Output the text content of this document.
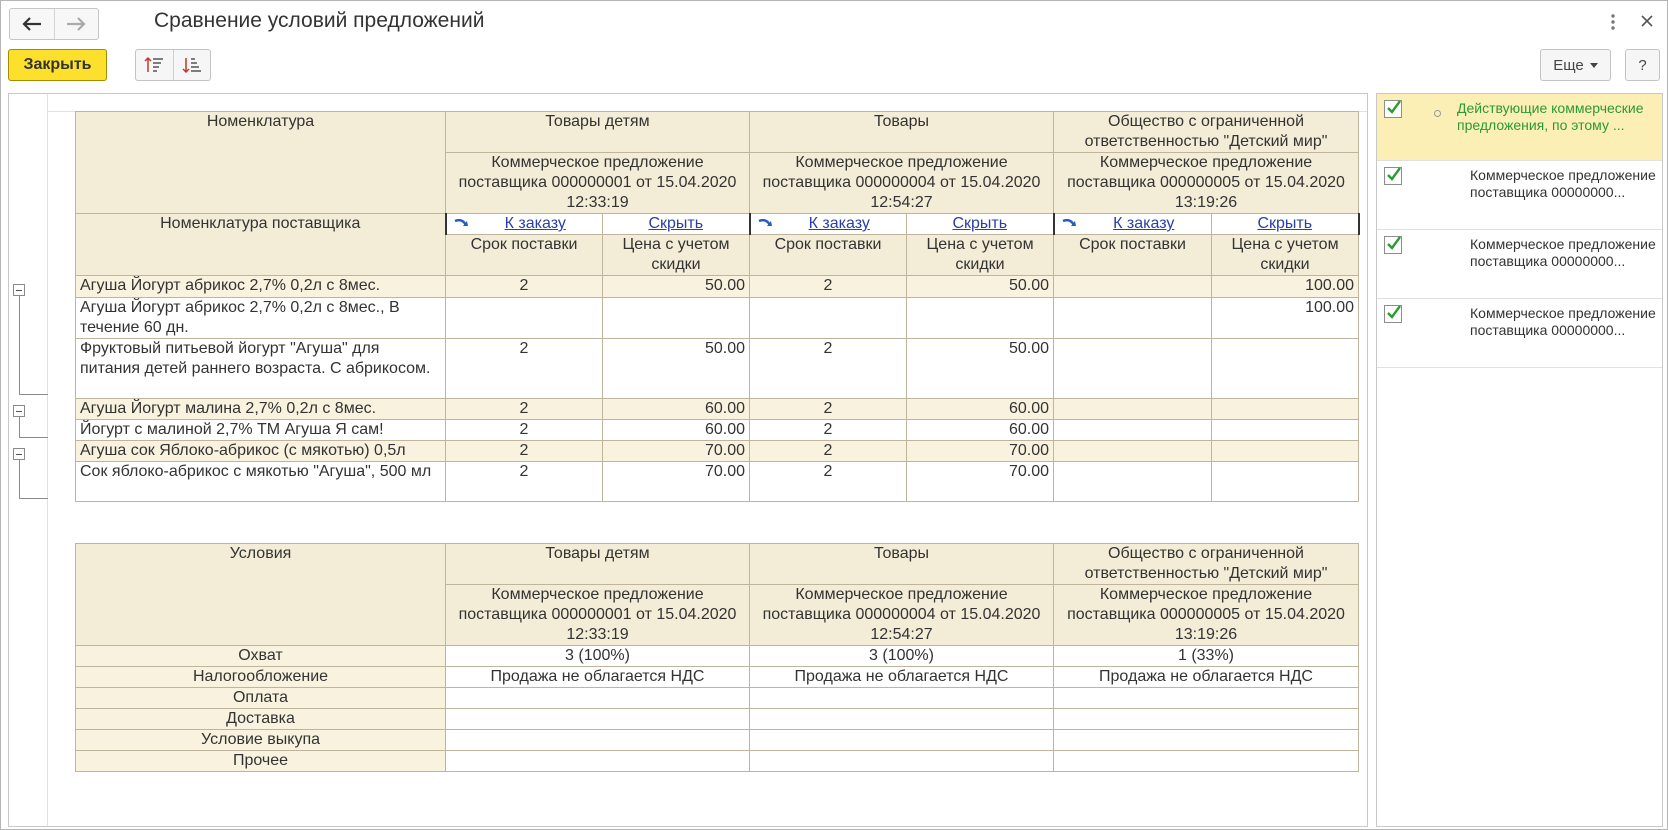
Сравнение условий предложений
Закрыть	Еще	?
Номенклатура	Товары детям		Товары		Общество с ограниченной ответственностью "Детский мир"	
	Коммерческое предложение поставщика 000000001 от 15.04.2020 12:33:19		Коммерческое предложение поставщика 000000004 от 15.04.2020 12:54:27		Коммерческое предложение поставщика 000000005 от 15.04.2020 13:19:26	
Номенклатура поставщика	К заказу	Скрыть	К заказу	Скрыть	К заказу	Скрыть
	Срок поставки	Цена с учетом скидки	Срок поставки	Цена с учетом скидки	Срок поставки	Цена с учетом скидки
Агуша Йогурт абрикос 2,7% 0,2л с 8мес.	2	50.00	2	50.00		100.00
Агуша Йогурт абрикос 2,7% 0,2л с 8мес., В течение 60 дн.						100.00
Фруктовый питьевой йогурт "Агуша" для питания детей раннего возраста. С абрикосом.	2	50.00	2	50.00		
Агуша Йогурт малина 2,7% 0,2л с 8мес.	2	60.00	2	60.00		
Йогурт с малиной 2,7% ТМ Агуша Я сам!	2	60.00	2	60.00		
Агуша сок Яблоко-абрикос (с мякотью) 0,5л	2	70.00	2	70.00		
Сок яблоко-абрикос с мякотью "Агуша", 500 мл	2	70.00	2	70.00		
Условия	Товары детям	Товары	Общество с ограниченной ответственностью "Детский мир"
	Коммерческое предложение поставщика 000000001 от 15.04.2020 12:33:19	Коммерческое предложение поставщика 000000004 от 15.04.2020 12:54:27	Коммерческое предложение поставщика 000000005 от 15.04.2020 13:19:26
Охват	3 (100%)	3 (100%)	1 (33%)
Налогообложение	Продажа не облагается НДС	Продажа не облагается НДС	Продажа не облагается НДС
Оплата			
Доставка			
Условие выкупа			
Прочее			
Действующие коммерческие предложения, по этому ...
Коммерческое предложение поставщика 00000000...
Коммерческое предложение поставщика 00000000...
Коммерческое предложение поставщика 00000000...
